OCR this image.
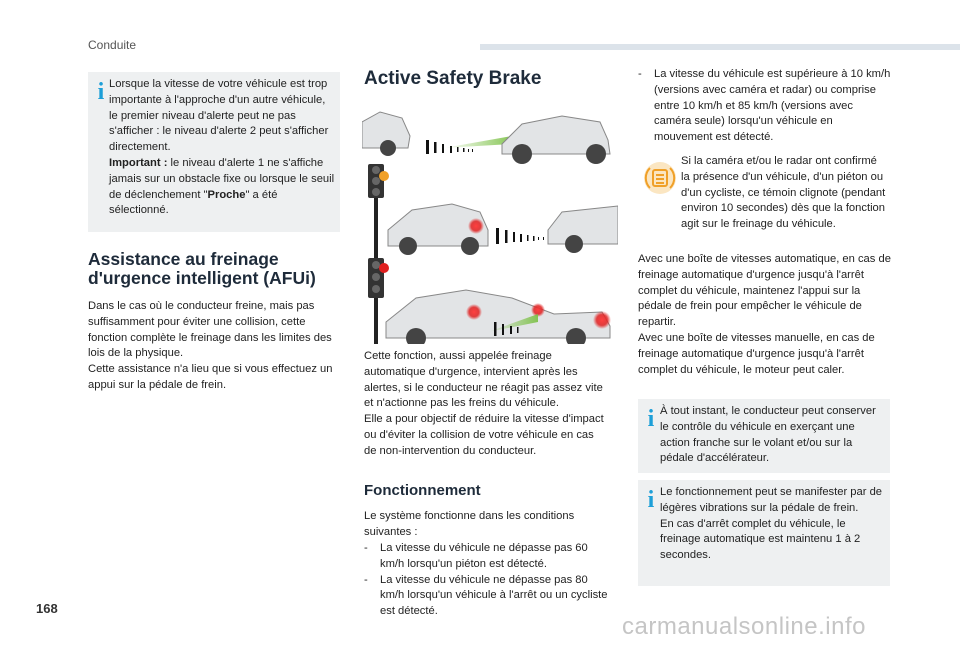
Conduite
i Lorsque la vitesse de votre véhicule est trop importante à l'approche d'un autre véhicule, le premier niveau d'alerte peut ne pas s'afficher : le niveau d'alerte 2 peut s'afficher directement.
Important : le niveau d'alerte 1 ne s'affiche jamais sur un obstacle fixe ou lorsque le seuil de déclenchement "Proche" a été sélectionné.
Assistance au freinage
d'urgence intelligent (AFUi)
Dans le cas où le conducteur freine, mais pas suffisamment pour éviter une collision, cette fonction complète le freinage dans les limites des lois de la physique.
Cette assistance n'a lieu que si vous effectuez un appui sur la pédale de frein.
Active Safety Brake
Cette fonction, aussi appelée freinage automatique d'urgence, intervient après les alertes, si le conducteur ne réagit pas assez vite et n'actionne pas les freins du véhicule.
Elle a pour objectif de réduire la vitesse d'impact ou d'éviter la collision de votre véhicule en cas de non-intervention du conducteur.
Fonctionnement
Le système fonctionne dans les conditions suivantes :
- La vitesse du véhicule ne dépasse pas 60 km/h lorsqu'un piéton est détecté.
- La vitesse du véhicule ne dépasse pas 80 km/h lorsqu'un véhicule à l'arrêt ou un cycliste est détecté.
- La vitesse du véhicule est supérieure à 10 km/h (versions avec caméra et radar) ou comprise entre 10 km/h et 85 km/h (versions avec caméra seule) lorsqu'un véhicule en mouvement est détecté.
Si la caméra et/ou le radar ont confirmé la présence d'un véhicule, d'un piéton ou d'un cycliste, ce témoin clignote (pendant environ 10 secondes) dès que la fonction agit sur le freinage du véhicule.
Avec une boîte de vitesses automatique, en cas de freinage automatique d'urgence jusqu'à l'arrêt complet du véhicule, maintenez l'appui sur la pédale de frein pour empêcher le véhicule de repartir.
Avec une boîte de vitesses manuelle, en cas de freinage automatique d'urgence jusqu'à l'arrêt complet du véhicule, le moteur peut caler.
i À tout instant, le conducteur peut conserver le contrôle du véhicule en exerçant une action franche sur le volant et/ou sur la pédale d'accélérateur.
i Le fonctionnement peut se manifester par de légères vibrations sur la pédale de frein.
En cas d'arrêt complet du véhicule, le freinage automatique est maintenu 1 à 2 secondes.
168
carmanualsonline.info
